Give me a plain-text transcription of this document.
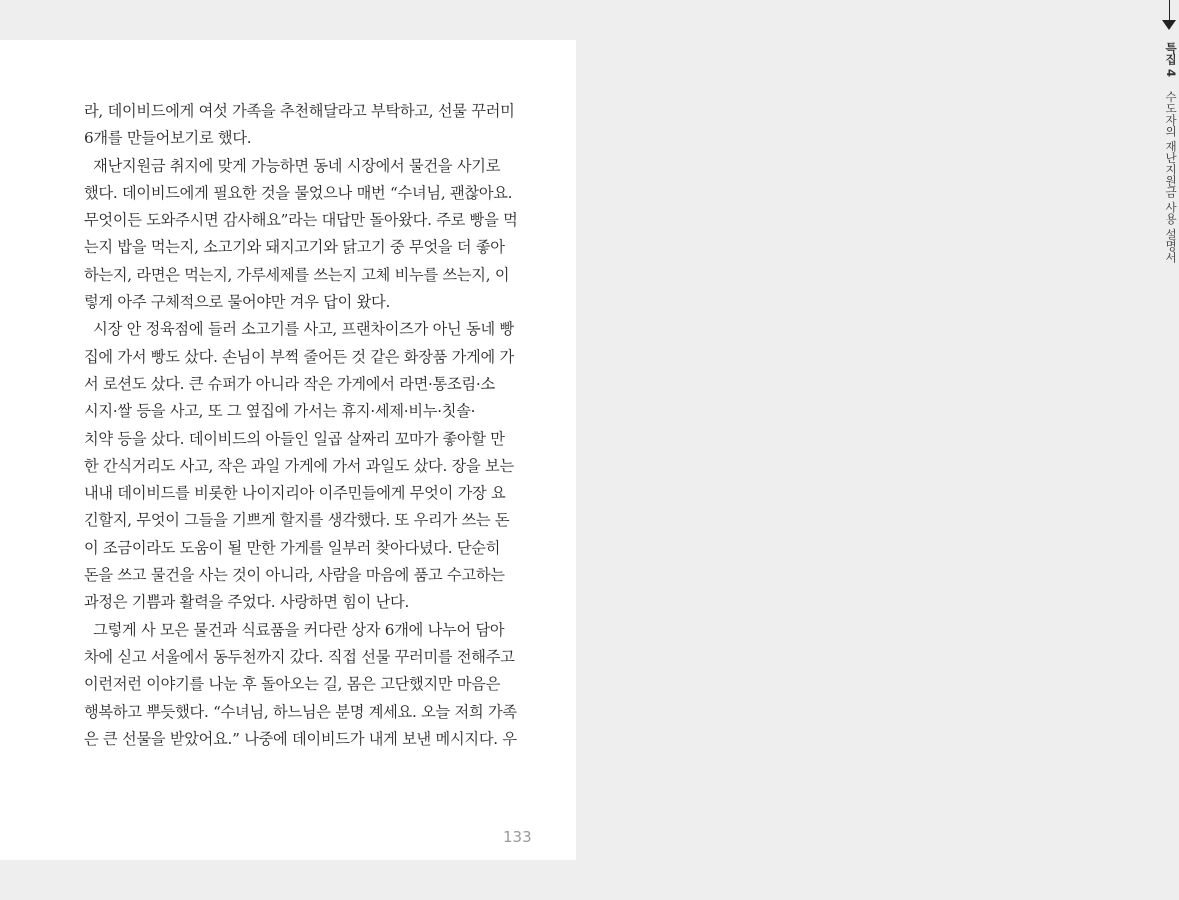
라, 데이비드에게 여섯 가족을 추천해달라고 부탁하고, 선물 꾸러미
6개를 만들어보기로 했다.

재난지원금 취지에 맞게 가능하면 동네 시장에서 물건을 사기로
했다. 데이비드에게 필요한 것을 물었으나 매번 “수녀님, 괜찮아요.
무엇이든 도와주시면 감사해요”라는 대답만 돌아왔다. 주로 빵을 먹
는지 밥을 먹는지, 소고기와 돼지고기와 닭고기 중 무엇을 더 좋아
하는지, 라면은 먹는지, 가루세제를 쓰는지 고체 비누를 쓰는지, 이
렇게 아주 구체적으로 물어야만 겨우 답이 왔다.

시장 안 정육점에 들러 소고기를 사고, 프랜차이즈가 아닌 동네 빵
집에 가서 빵도 샀다. 손님이 부쩍 줄어든 것 같은 화장품 가게에 가
서 로션도 샀다. 큰 슈퍼가 아니라 작은 가게에서 라면·통조림·소
시지·쌀 등을 사고, 또 그 옆집에 가서는 휴지·세제·비누·칫솔·
치약 등을 샀다. 데이비드의 아들인 일곱 살짜리 꼬마가 좋아할 만
한 간식거리도 사고, 작은 과일 가게에 가서 과일도 샀다. 장을 보는
내내 데이비드를 비롯한 나이지리아 이주민들에게 무엇이 가장 요
긴할지, 무엇이 그들을 기쁘게 할지를 생각했다. 또 우리가 쓰는 돈
이 조금이라도 도움이 될 만한 가게를 일부러 찾아다녔다. 단순히
돈을 쓰고 물건을 사는 것이 아니라, 사람을 마음에 품고 수고하는
과정은 기쁨과 활력을 주었다. 사랑하면 힘이 난다.

그렇게 사 모은 물건과 식료품을 커다란 상자 6개에 나누어 담아
차에 싣고 서울에서 동두천까지 갔다. 직접 선물 꾸러미를 전해주고
이런저런 이야기를 나눈 후 돌아오는 길, 몸은 고단했지만 마음은
행복하고 뿌듯했다. “수녀님, 하느님은 분명 계세요. 오늘 저희 가족
은 큰 선물을 받았어요.” 나중에 데이비드가 내게 보낸 메시지다. 우

133
특집 4 수도자의 재난지원금 사용 설명서
